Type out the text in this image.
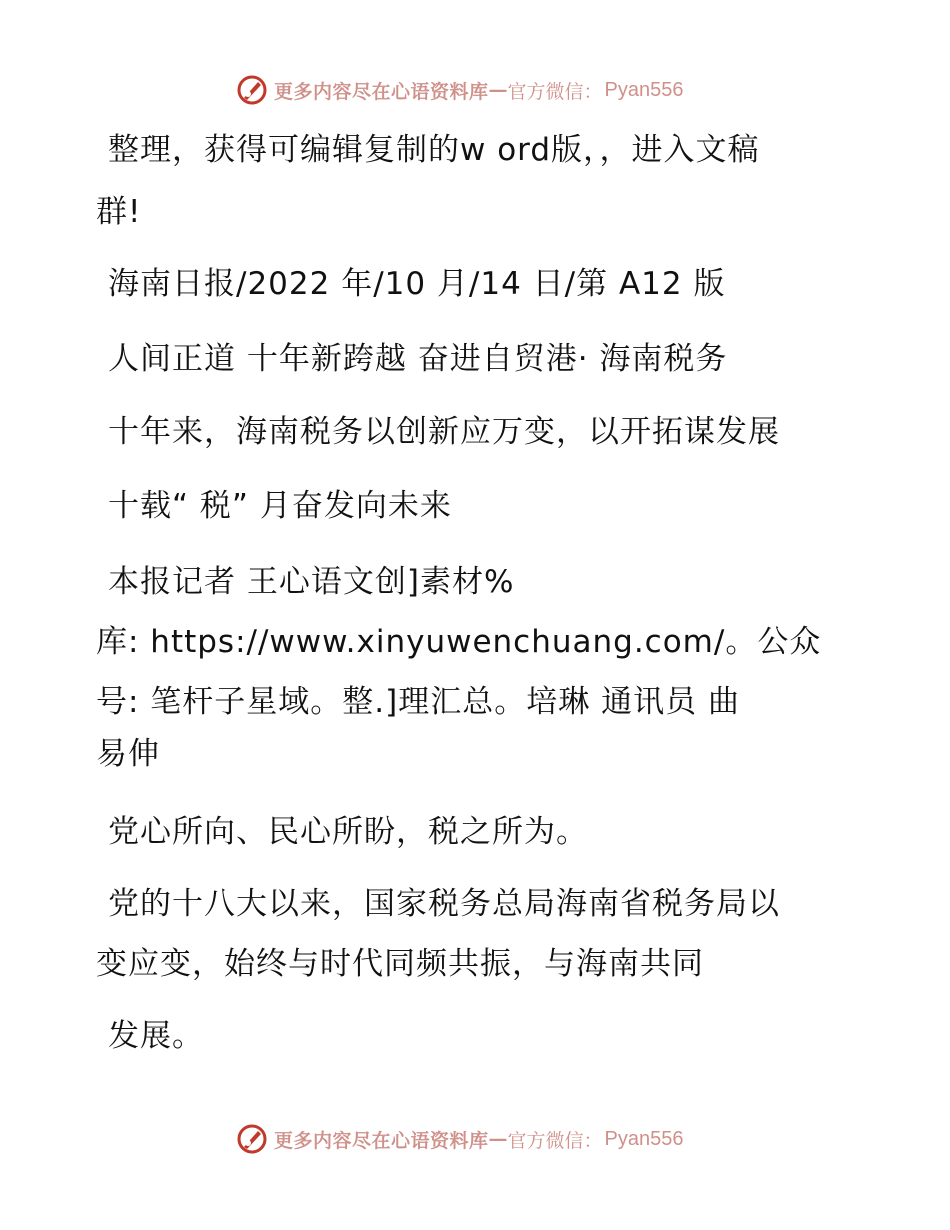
更多内容尽在心语资料库 — 官方微信： Pyan556
整理，获得可编辑复制的w ord版，，进入文稿
群!
海南日报/2022 年/10 月/14 日/第 A12 版
人间正道 十年新跨越 奋进自贸港· 海南税务
十年来，海南税务以创新应万变，以开拓谋发展
十载“ 税” 月奋发向未来
本报记者 王心语文创]素材%
库: https://www.xinyuwenchuang.com/。公众
号: 笔杆子星域。整.]理汇总。培琳 通讯员 曲
易伸
党心所向、民心所盼，税之所为。
党的十八大以来，国家税务总局海南省税务局以
变应变，始终与时代同频共振，与海南共同
发展。
更多内容尽在心语资料库 — 官方微信： Pyan556
